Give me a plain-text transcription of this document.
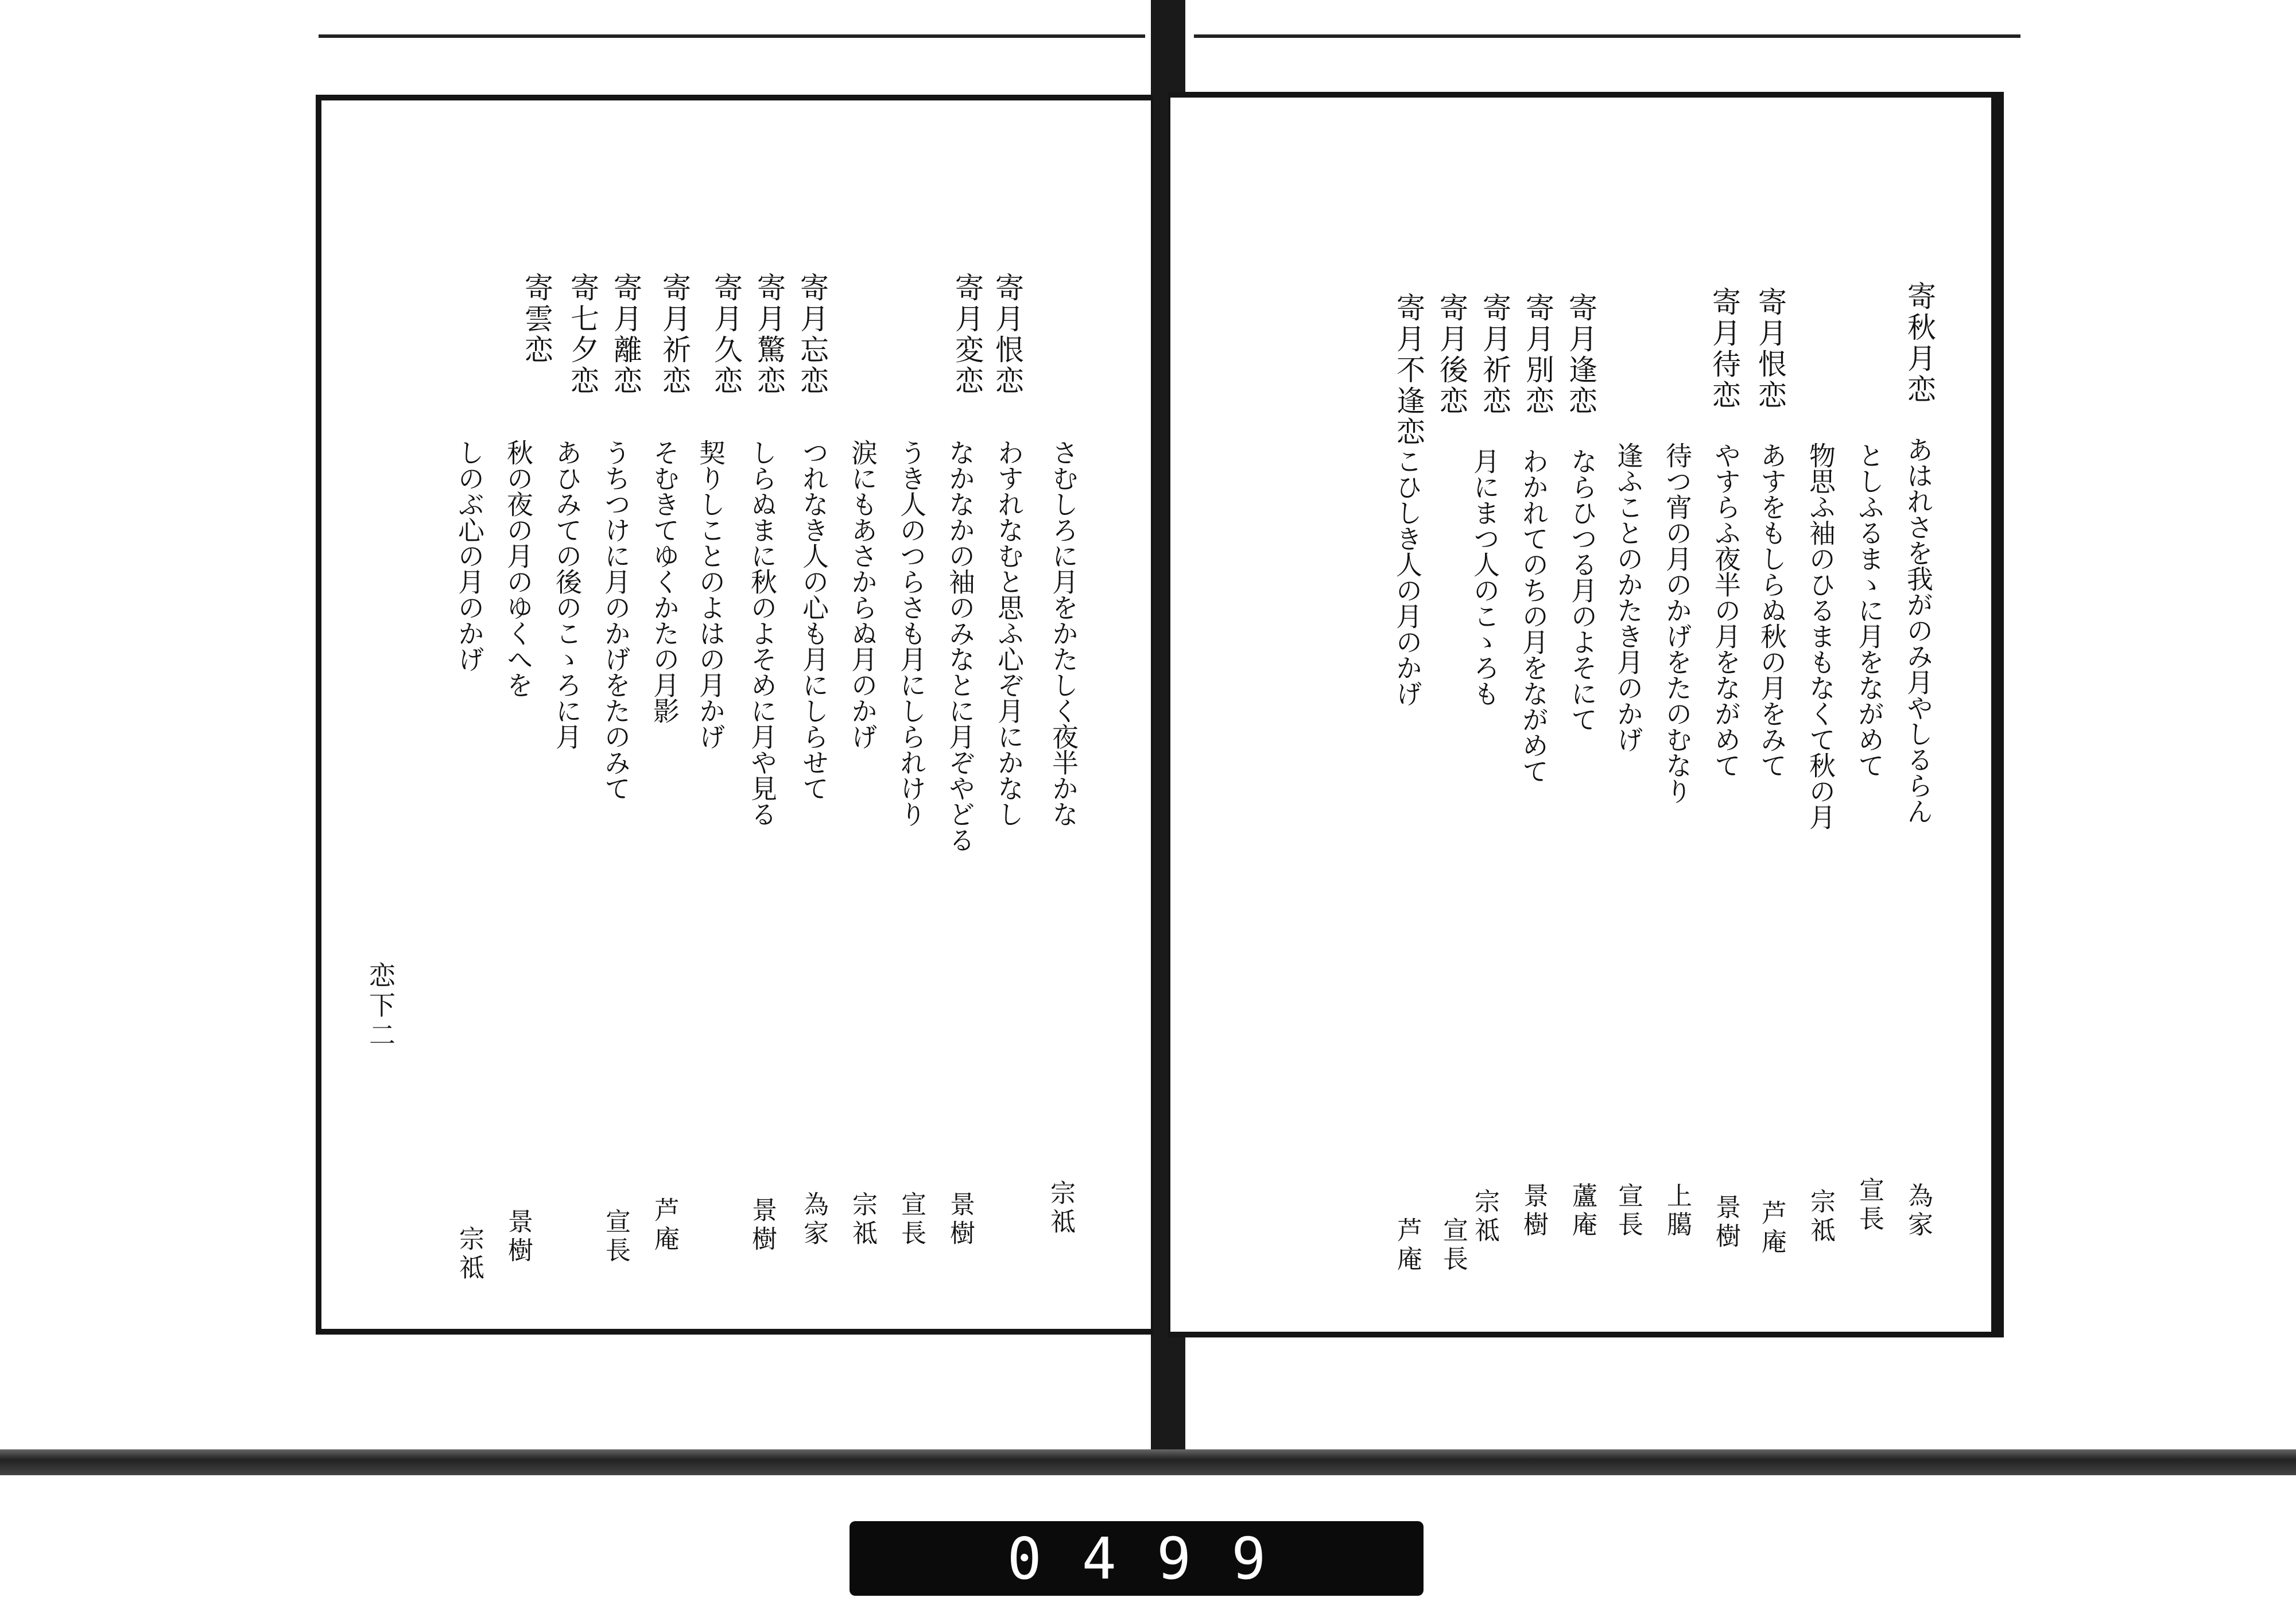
さむしろに月をかたしく夜半かな
寄月恨恋
わすれなむと思ふ心ぞ月にかなし
寄月変恋
なかなかの袖のみなとに月ぞやどる
うき人のつらさも月にしられけり
涙にもあさからぬ月のかげ
寄月忘恋
つれなき人の心も月にしらせて
寄月驚恋
しらぬまに秋のよそめに月や見る
寄月久恋
契りしことのよはの月かげ
寄月祈恋
そむきてゆくかたの月影
寄月離恋
うちつけに月のかげをたのみて
寄七夕恋
あひみての後のこゝろに月
寄雲恋
秋の夜の月のゆくへを
しのぶ心の月のかげ
宗祗
景樹
宣長
宗祗
為家
景樹
芦庵
宣長
景樹
宗祗
恋下二
寄秋月恋
あはれさを我がのみ月やしるらん
としふるまゝに月をながめて
物思ふ袖のひるまもなくて秋の月
寄月恨恋
あすをもしらぬ秋の月をみて
寄月待恋
やすらふ夜半の月をながめて
待つ宵の月のかげをたのむなり
逢ふことのかたき月のかげ
寄月逢恋
ならひつる月のよそにて
寄月別恋
わかれてのちの月をながめて
寄月祈恋
月にまつ人のこゝろも
寄月後恋
寄月不逢恋
こひしき人の月のかげ
為家
宣長
宗祗
芦庵
景樹
上臈
宣長
蘆庵
景樹
宗祗
宣長
芦庵
0499
